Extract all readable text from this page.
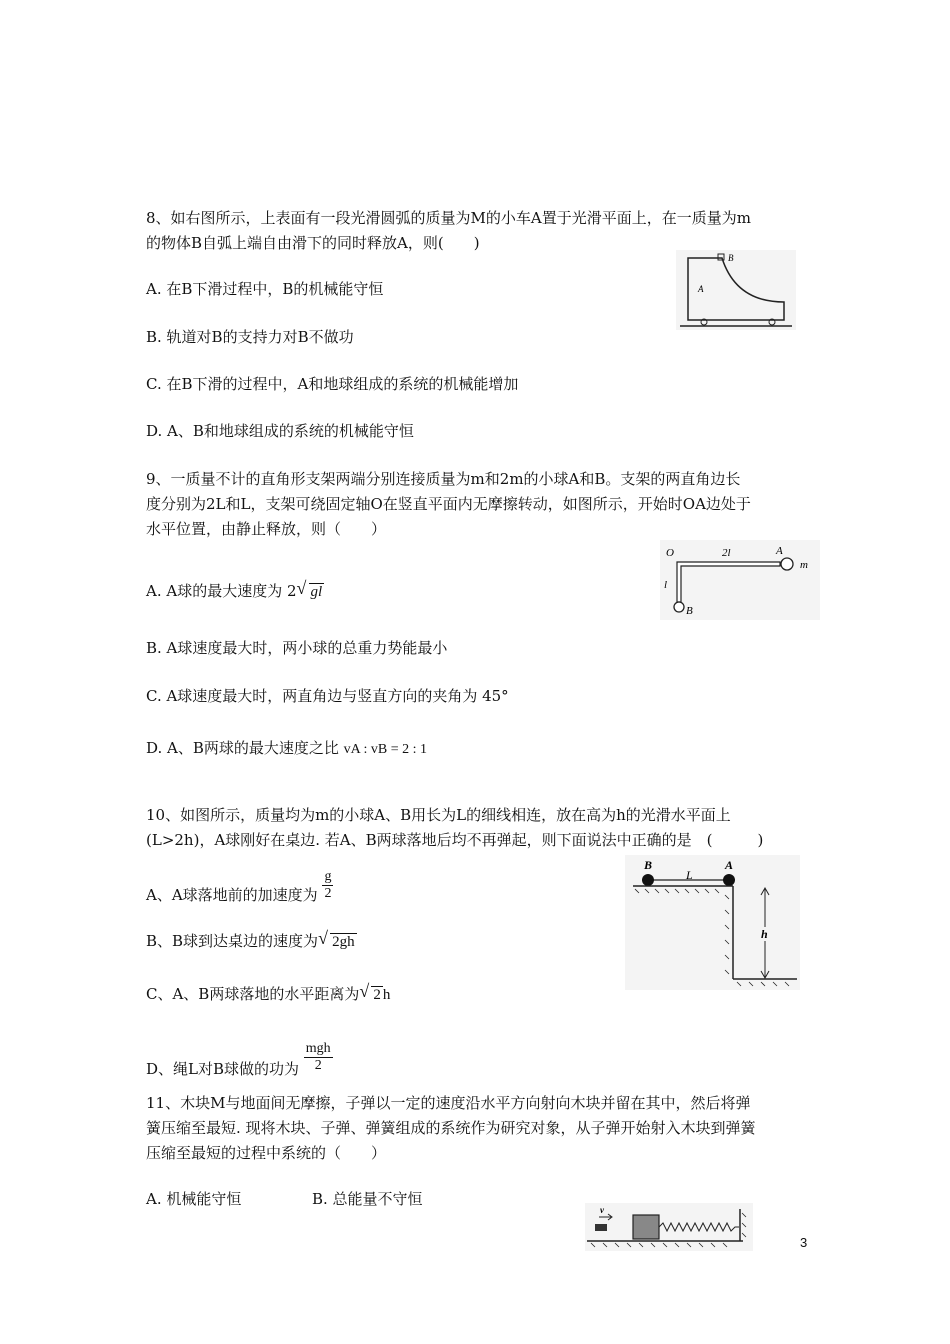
8、如右图所示，上表面有一段光滑圆弧的质量为M的小车A置于光滑平面上，在一质量为m
的物体B自弧上端自由滑下的同时释放A，则(　　)
A. 在B下滑过程中，B的机械能守恒
B. 轨道对B的支持力对B不做功
C. 在B下滑的过程中，A和地球组成的系统的机械能增加
D. A、B和地球组成的系统的机械能守恒
B
A
9、一质量不计的直角形支架两端分别连接质量为m和2m的小球A和B。支架的两直角边长
度分别为2L和L，支架可绕固定轴O在竖直平面内无摩擦转动，如图所示，开始时OA边处于
水平位置，由静止释放，则（　　）
A. A球的最大速度为 2 √ gl
B. A球速度最大时，两小球的总重力势能最小
C. A球速度最大时，两直角边与竖直方向的夹角为 45°
D. A、B两球的最大速度之比 vA : vB = 2 : 1
O	2l	A
m
l
B
10、如图所示，质量均为m的小球A、B用长为L的细线相连，放在高为h的光滑水平面上
(L>2h)，A球刚好在桌边. 若A、B两球落地后均不再弹起，则下面说法中正确的是　(　　　)
A、A球落地前的加速度为 $\frac{g}{2}$
B、B球到达桌边的速度为 √ 2gh
C、A、B两球落地的水平距离为 √ 2 h
D、绳L对B球做的功为 $\frac{\text{mgh}}{2}$
B
L
A
h
11、木块M与地面间无摩擦，子弹以一定的速度沿水平方向射向木块并留在其中，然后将弹
簧压缩至最短. 现将木块、子弹、弹簧组成的系统作为研究对象，从子弹开始射入木块到弹簧
压缩至最短的过程中系统的（　　）
A. 机械能守恒	B. 总能量不守恒
v
3
